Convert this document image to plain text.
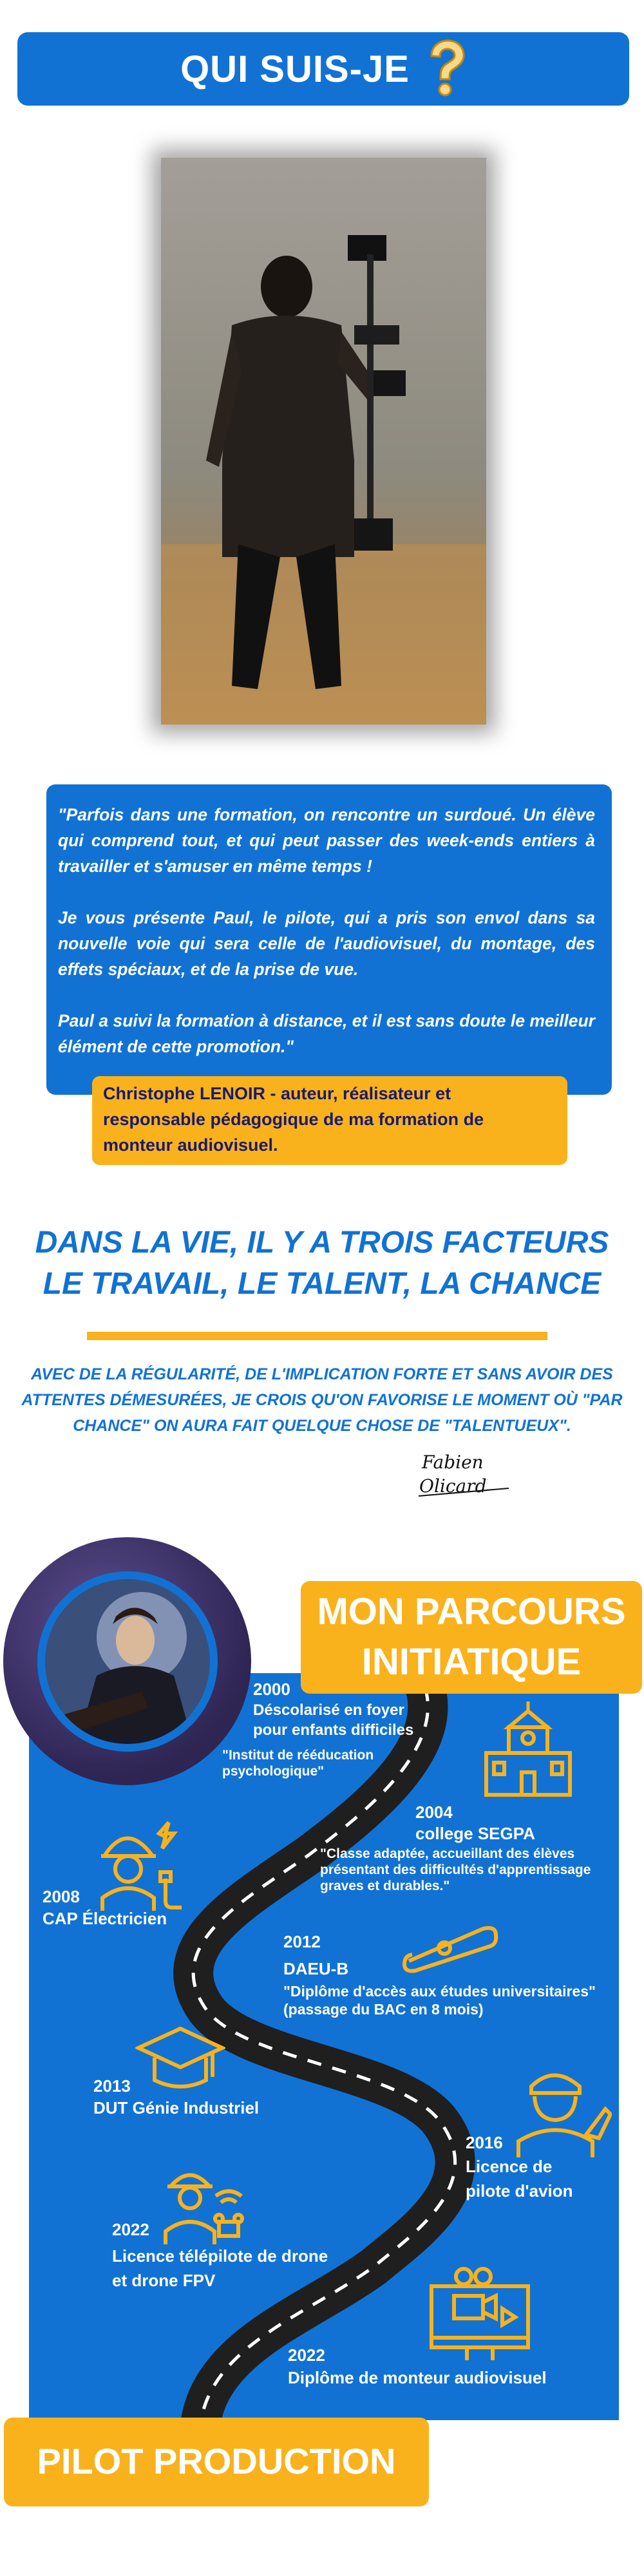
QUI SUIS-JE

"Parfois dans une formation, on rencontre un surdoué. Un élève qui comprend tout, et qui peut passer des week-ends entiers à travailler et s'amuser en même temps !

Je vous présente Paul, le pilote, qui a pris son envol dans sa nouvelle voie qui sera celle de l'audiovisuel, du montage, des effets spéciaux, et de la prise de vue.

Paul a suivi la formation à distance, et il est sans doute le meilleur élément de cette promotion."

Christophe LENOIR - auteur, réalisateur et responsable pédagogique de ma formation de monteur audiovisuel.
DANS LA VIE, IL Y A TROIS FACTEURS
LE TRAVAIL, LE TALENT, LA CHANCE
AVEC DE LA RÉGULARITÉ, DE L'IMPLICATION FORTE ET SANS AVOIR DES ATTENTES DÉMESURÉES, JE CROIS QU'ON FAVORISE LE MOMENT OÙ "PAR CHANCE" ON AURA FAIT QUELQUE CHOSE DE "TALENTUEUX".
Fabien
Olicard
MON PARCOURS
INITIATIQUE
2000
Déscolarisé en foyer pour enfants difficiles
"Institut de rééducation psychologique"
2004
college SEGPA
"Classe adaptée, accueillant des élèves présentant des difficultés d'apprentissage graves et durables."
2008
CAP Électricien
2012
DAEU-B
"Diplôme d'accès aux études universitaires" (passage du BAC en 8 mois)
2013
DUT Génie Industriel
2016
Licence de pilote d'avion
2022
Licence télépilote de drone et drone FPV
2022
Diplôme de monteur audiovisuel
PILOT PRODUCTION
